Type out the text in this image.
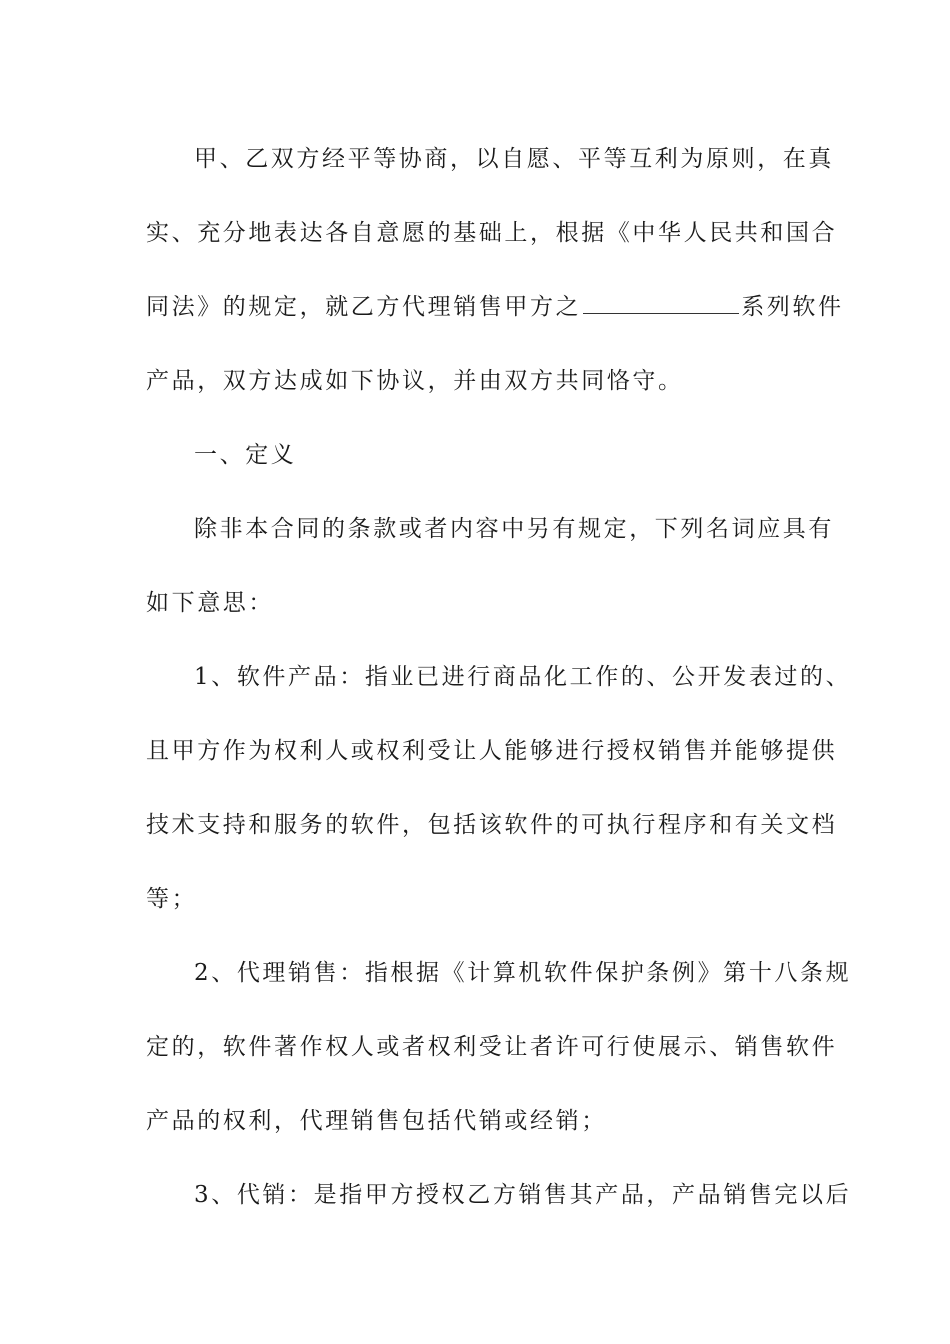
甲、乙双方经平等协商，以自愿、平等互利为原则，在真
实、充分地表达各自意愿的基础上，根据《中华人民共和国合
同法》的规定，就乙方代理销售甲方之	系列软件
产品，双方达成如下协议，并由双方共同恪守。
一、定义
除非本合同的条款或者内容中另有规定，下列名词应具有
如下意思：
1、软件产品：指业已进行商品化工作的、公开发表过的、
且甲方作为权利人或权利受让人能够进行授权销售并能够提供
技术支持和服务的软件，包括该软件的可执行程序和有关文档
等；
2、代理销售：指根据《计算机软件保护条例》第十八条规
定的，软件著作权人或者权利受让者许可行使展示、销售软件
产品的权利，代理销售包括代销或经销；
3、代销：是指甲方授权乙方销售其产品，产品销售完以后
